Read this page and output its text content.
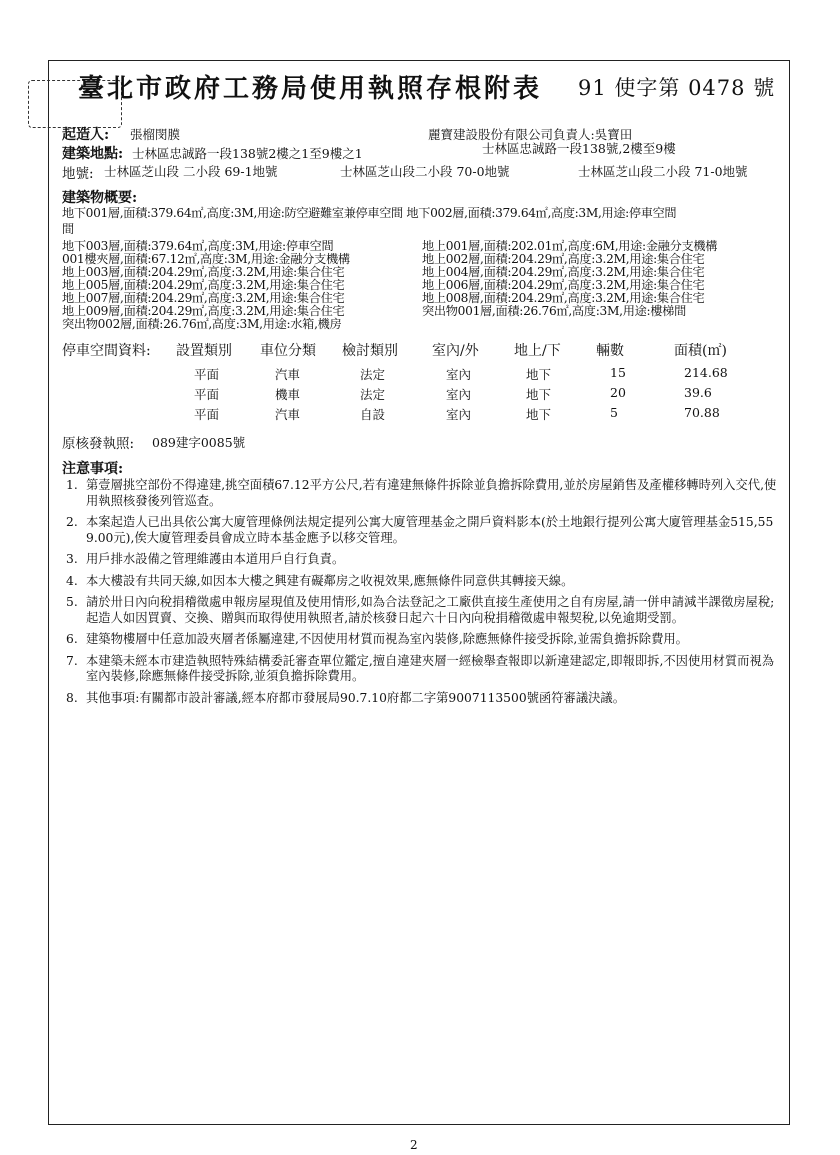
臺北市政府工務局使用執照存根附表 91 使字第 0478 號
起造人: 張榴閔膜	麗寶建設股份有限公司負責人:吳寶田
建築地點: 士林區忠誠路一段138號2樓之1至9樓之1	士林區忠誠路一段138號,2樓至9樓
地號: 士林區芝山段 二小段 69-1地號	士林區芝山段二小段 70-0地號	士林區芝山段二小段 71-0地號
建築物概要:
地下001層,面積:379.64㎡,高度:3M,用途:防空避難室兼停車空間 地下002層,面積:379.64㎡,高度:3M,用途:停車空間
間
地下003層,面積:379.64㎡,高度:3M,用途:停車空間
001樓夾層,面積:67.12㎡,高度:3M,用途:金融分支機構
地上003層,面積:204.29㎡,高度:3.2M,用途:集合住宅
地上005層,面積:204.29㎡,高度:3.2M,用途:集合住宅
地上007層,面積:204.29㎡,高度:3.2M,用途:集合住宅
地上009層,面積:204.29㎡,高度:3.2M,用途:集合住宅
突出物002層,面積:26.76㎡,高度:3M,用途:水箱,機房
地上001層,面積:202.01㎡,高度:6M,用途:金融分支機構
地上002層,面積:204.29㎡,高度:3.2M,用途:集合住宅
地上004層,面積:204.29㎡,高度:3.2M,用途:集合住宅
地上006層,面積:204.29㎡,高度:3.2M,用途:集合住宅
地上008層,面積:204.29㎡,高度:3.2M,用途:集合住宅
突出物001層,面積:26.76㎡,高度:3M,用途:樓梯間
停車空間資料: 設置類別 車位分類 檢討類別 室內/外	地上/下	輛數	面積(㎡)
平面	汽車	法定	室內	地下	15	214.68
平面	機車	法定	室內	地下	20	39.6
平面	汽車	自設	室內	地下	5	70.88
原核發執照: 089建字0085號
注意事項:
1. 第壹層挑空部份不得違建,挑空面積67.12平方公尺,若有違建無條件拆除並負擔拆除費用,並於房屋銷售及產權移轉時列入交代,使用執照核發後列管巡查。
2. 本案起造人已出具依公寓大廈管理條例法規定提列公寓大廈管理基金之開戶資料影本(於土地銀行提列公寓大廈管理基金515,559.00元),俟大廈管理委員會成立時本基金應予以移交管理。
3. 用戶排水設備之管理維護由本道用戶自行負責。
4. 本大樓設有共同天線,如因本大樓之興建有礙鄰房之收視效果,應無條件同意供其轉接天線。
5. 請於卅日內向稅捐稽徵處申報房屋現值及使用情形,如為合法登記之工廠供直接生產使用之自有房屋,請一併申請減半課徵房屋稅;起造人如因買賣、交換、贈與而取得使用執照者,請於核發日起六十日內向稅捐稽徵處申報契稅,以免逾期受罰。
6. 建築物樓層中任意加設夾層者係屬違建,不因使用材質而視為室內裝修,除應無條件接受拆除,並需負擔拆除費用。
7. 本建築未經本市建造執照特殊結構委託審查單位鑑定,擅自違建夾層一經檢舉查報即以新違建認定,即報即拆,不因使用材質而視為室內裝修,除應無條件接受拆除,並須負擔拆除費用。
8. 其他事項:有關都市設計審議,經本府都市發展局90.7.10府都二字第9007113500號函符審議決議。
2
